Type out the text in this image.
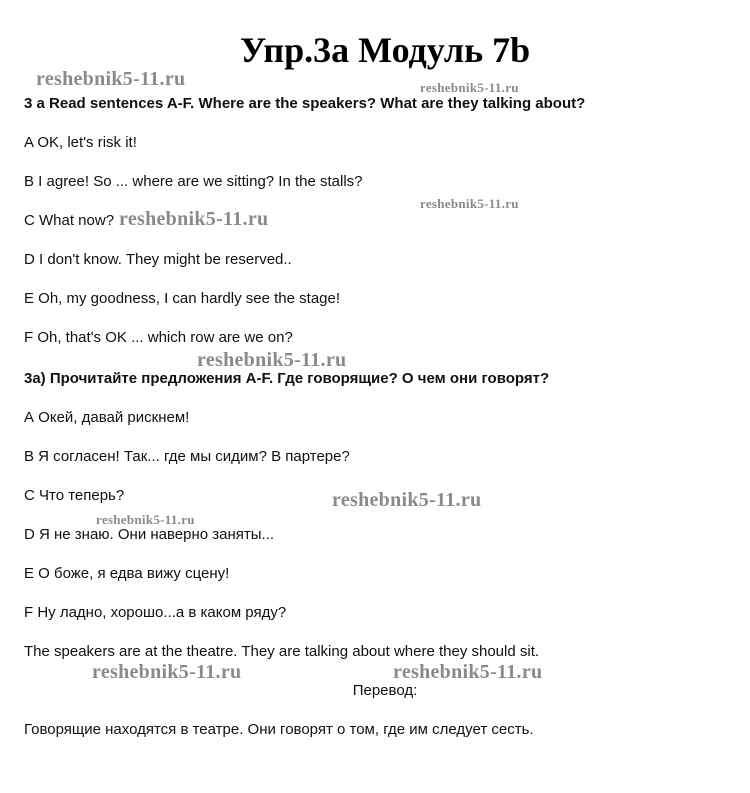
Упр.3а Модуль 7b
3 a Read sentences A-F. Where are the speakers? What are they talking about?
A OK, let's risk it!
B I agree! So ... where are we sitting? In the stalls?
C What now?
D I don't know. They might be reserved..
E Oh, my goodness, I can hardly see the stage!
F Oh, that's OK ... which row are we on?
3а) Прочитайте предложения A-F. Где говорящие? О чем они говорят?
А Окей, давай рискнем!
В Я согласен! Так... где мы сидим? В партере?
С Что теперь?
D Я не знаю. Они наверно заняты...
Е О боже, я едва вижу сцену!
F Ну ладно, хорошо...а в каком ряду?
The speakers are at the theatre. They are talking about where they should sit.
Перевод:
Говорящие находятся в театре. Они говорят о том, где им следует сесть.
reshebnik5-11.ru	reshebnik5-11.ru
reshebnik5-11.ru
reshebnik5-11.ru
reshebnik5-11.ru
reshebnik5-11.ru
reshebnik5-11.ru
reshebnik5-11.ru	reshebnik5-11.ru
